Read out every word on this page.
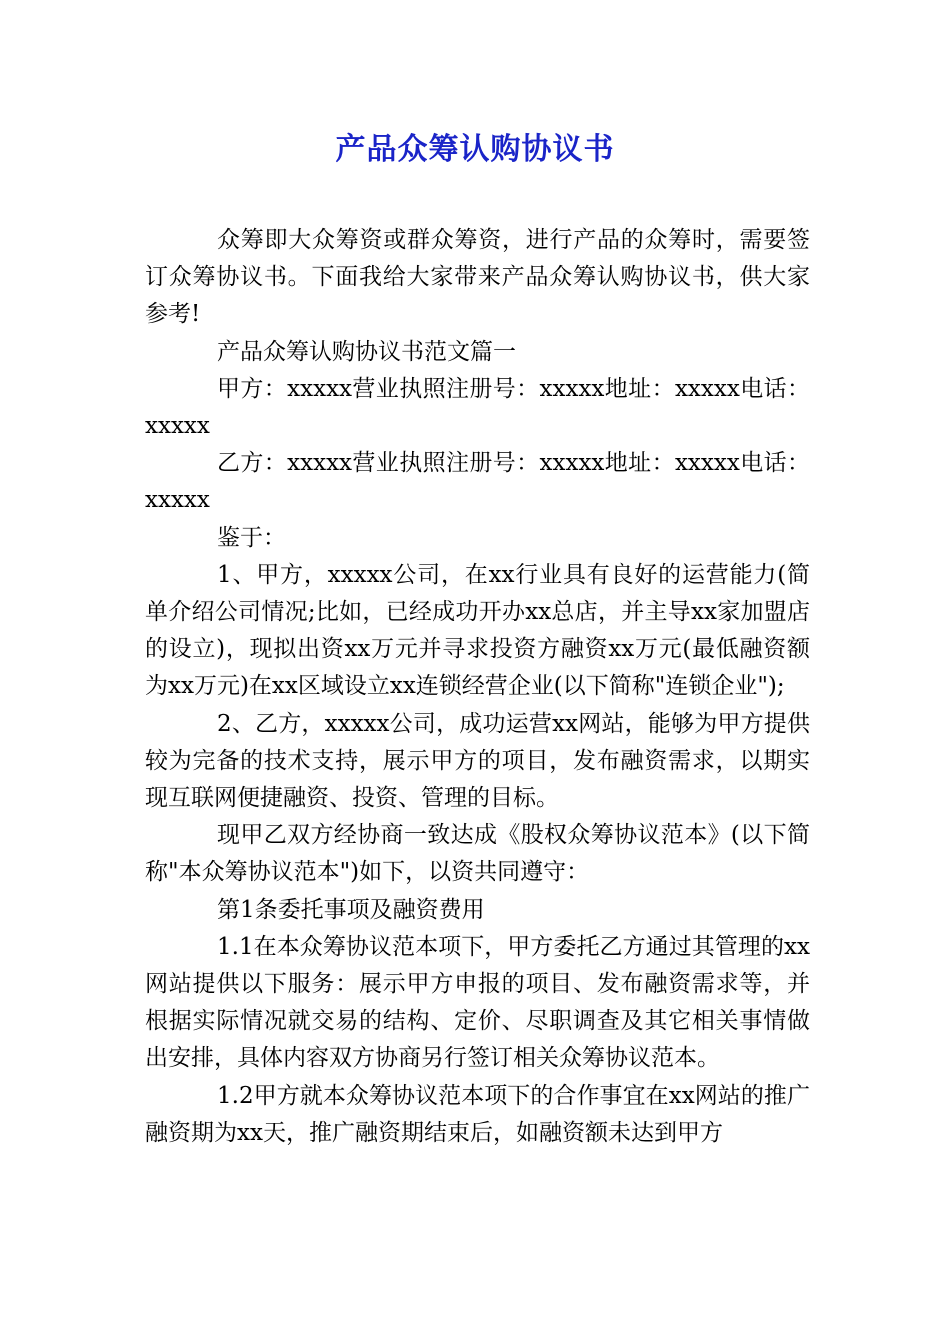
产品众筹认购协议书

众筹即大众筹资或群众筹资，进行产品的众筹时，需要签订众筹协议书。下面我给大家带来产品众筹认购协议书，供大家参考!

产品众筹认购协议书范文篇一

甲方：xxxxx营业执照注册号：xxxxx地址：xxxxx电话：xxxxx

乙方：xxxxx营业执照注册号：xxxxx地址：xxxxx电话：xxxxx

鉴于：

1、甲方，xxxxx公司，在xx行业具有良好的运营能力(简单介绍公司情况;比如，已经成功开办xx总店，并主导xx家加盟店的设立)，现拟出资xx万元并寻求投资方融资xx万元(最低融资额为xx万元)在xx区域设立xx连锁经营企业(以下简称"连锁企业");

2、乙方，xxxxx公司，成功运营xx网站，能够为甲方提供较为完备的技术支持，展示甲方的项目，发布融资需求，以期实现互联网便捷融资、投资、管理的目标。

现甲乙双方经协商一致达成《股权众筹协议范本》(以下简称"本众筹协议范本")如下，以资共同遵守：

第1条委托事项及融资费用

1.1在本众筹协议范本项下，甲方委托乙方通过其管理的xx网站提供以下服务：展示甲方申报的项目、发布融资需求等，并根据实际情况就交易的结构、定价、尽职调查及其它相关事情做出安排，具体内容双方协商另行签订相关众筹协议范本。

1.2甲方就本众筹协议范本项下的合作事宜在xx网站的推广融资期为xx天，推广融资期结束后，如融资额未达到甲方
